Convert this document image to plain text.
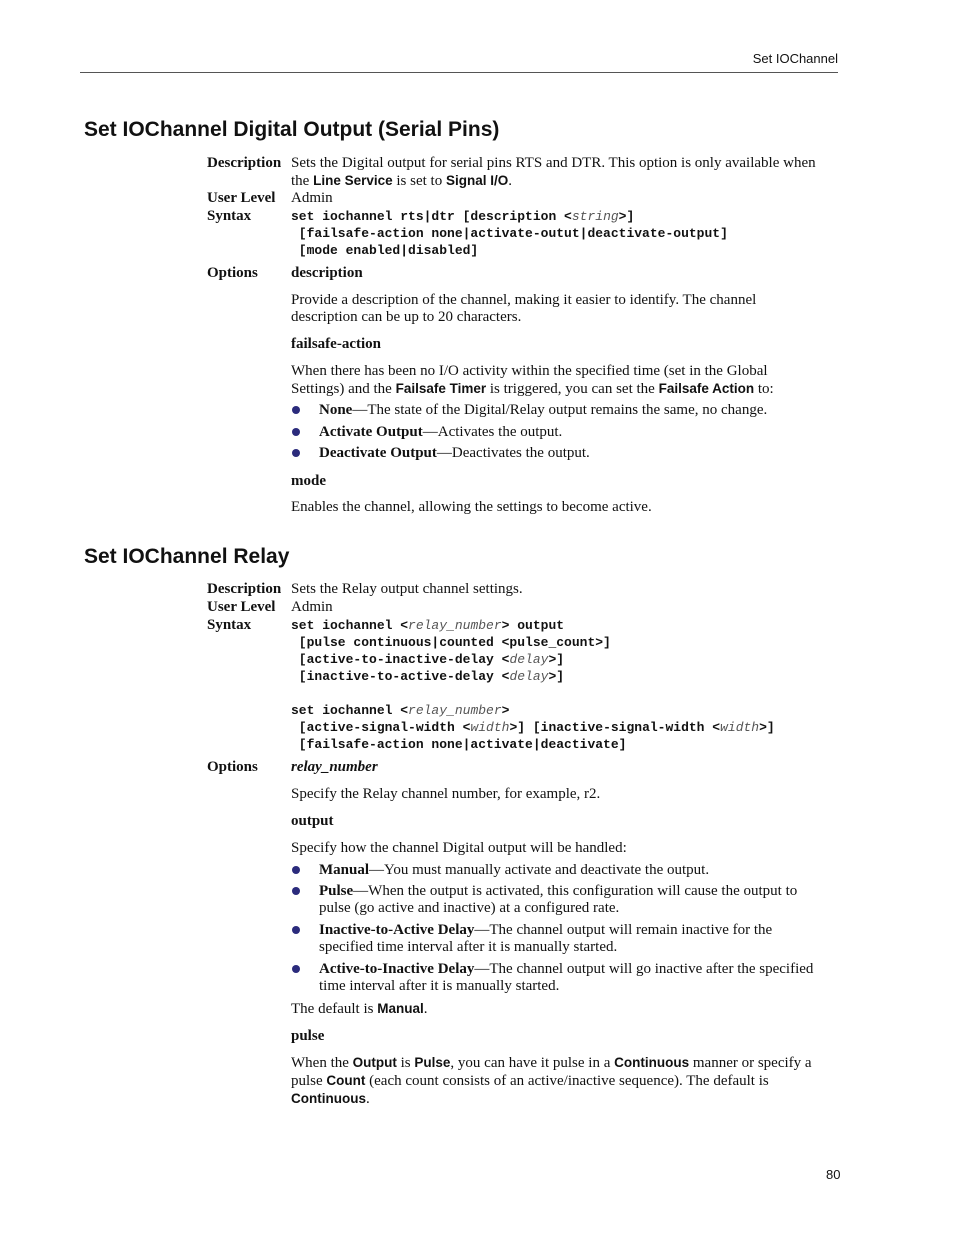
Set IOChannel
Set IOChannel Digital Output (Serial Pins)
Description Sets the Digital output for serial pins RTS and DTR. This option is only available when
the Line Service is set to Signal I/O.
User Level Admin
Syntax	set iochannel rts|dtr [description <string>]
[failsafe-action none|activate-outut|deactivate-output]
[mode enabled|disabled]
Options description
Provide a description of the channel, making it easier to identify. The channel
description can be up to 20 characters.
failsafe-action
When there has been no I/O activity within the specified time (set in the Global
Settings) and the Failsafe Timer is triggered, you can set the Failsafe Action to:
None—The state of the Digital/Relay output remains the same, no change.
Activate Output—Activates the output.
Deactivate Output—Deactivates the output.
mode
Enables the channel, allowing the settings to become active.
Set IOChannel Relay
Description Sets the Relay output channel settings.
User Level Admin
Syntax	set iochannel <relay_number> output
[pulse continuous|counted <pulse_count>]
[active-to-inactive-delay <delay>]
[inactive-to-active-delay <delay>]

set iochannel <relay_number>
[active-signal-width <width>] [inactive-signal-width <width>]
[failsafe-action none|activate|deactivate]
Options relay_number
Specify the Relay channel number, for example, r2.
output
Specify how the channel Digital output will be handled:
Manual—You must manually activate and deactivate the output.
Pulse—When the output is activated, this configuration will cause the output to
pulse (go active and inactive) at a configured rate.
Inactive-to-Active Delay—The channel output will remain inactive for the
specified time interval after it is manually started.
Active-to-Inactive Delay—The channel output will go inactive after the specified
time interval after it is manually started.
The default is Manual.
pulse
When the Output is Pulse, you can have it pulse in a Continuous manner or specify a
pulse Count (each count consists of an active/inactive sequence). The default is
Continuous.
80
